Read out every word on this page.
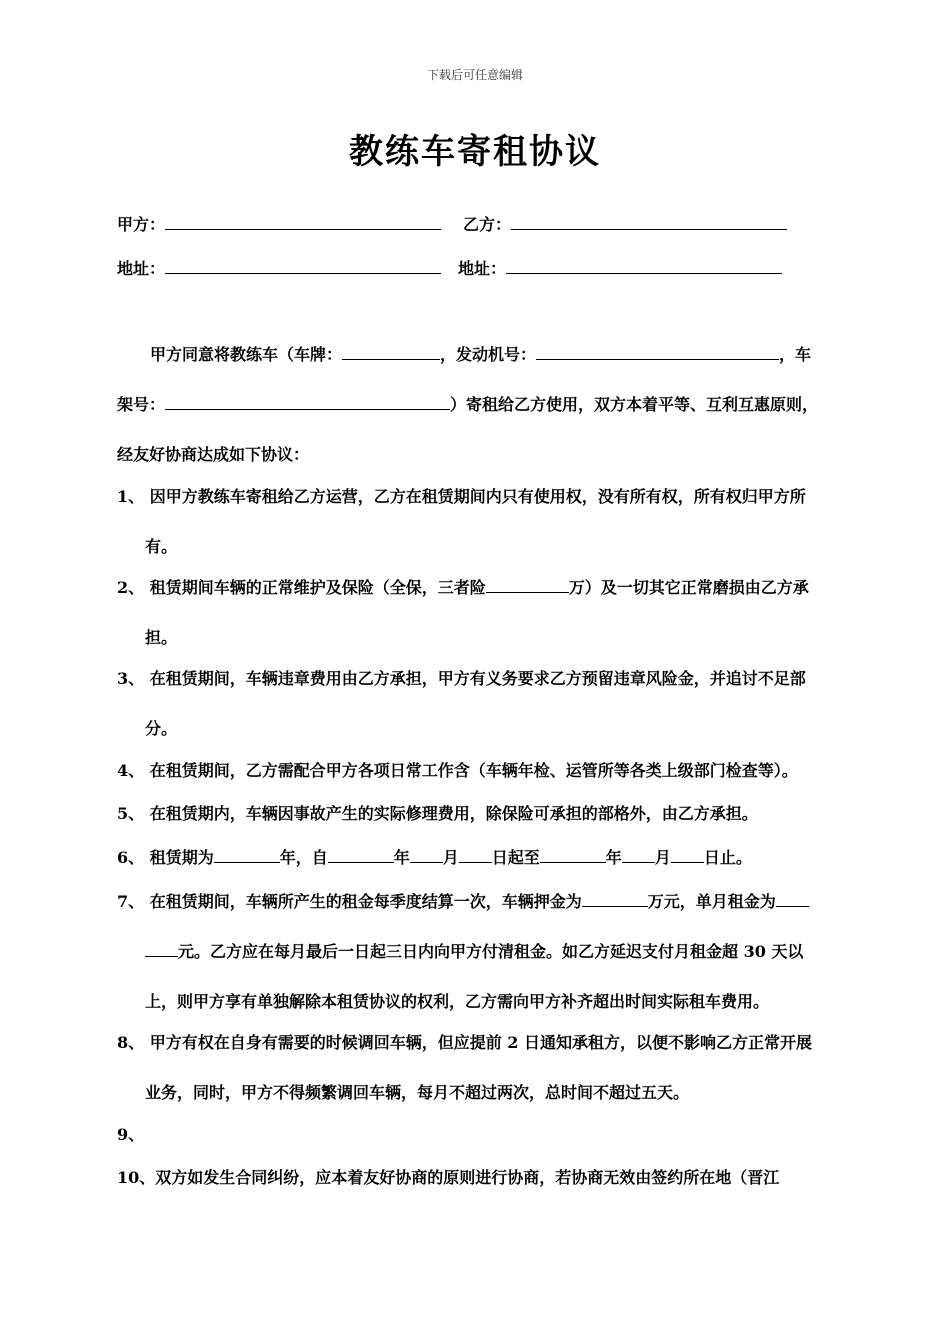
下载后可任意编辑
教练车寄租协议
甲方：	乙方：
地址：	地址：
甲方同意将教练车（车牌：	，发动机号：	，车
架号：	）寄租给乙方使用，双方本着平等、互利互惠原则，
经友好协商达成如下协议：
1、 因甲方教练车寄租给乙方运营，乙方在租赁期间内只有使用权，没有所有权，所有权归甲方所
有。
2、 租赁期间车辆的正常维护及保险（全保，三者险	万）及一切其它正常磨损由乙方承
担。
3、 在租赁期间，车辆违章费用由乙方承担，甲方有义务要求乙方预留违章风险金，并追讨不足部
分。
4、 在租赁期间，乙方需配合甲方各项日常工作含（车辆年检、运管所等各类上级部门检查等）。
5、 在租赁期内，车辆因事故产生的实际修理费用，除保险可承担的部格外，由乙方承担。
6、 租赁期为	年，自	年 月 日起至	年 月 日止。
7、 在租赁期间，车辆所产生的租金每季度结算一次，车辆押金为	万元，单月租金为
元。乙方应在每月最后一日起三日内向甲方付清租金。如乙方延迟支付月租金超 30 天以
上，则甲方享有单独解除本租赁协议的权利，乙方需向甲方补齐超出时间实际租车费用。
8、 甲方有权在自身有需要的时候调回车辆，但应提前 2 日通知承租方，以便不影响乙方正常开展
业务，同时，甲方不得频繁调回车辆，每月不超过两次，总时间不超过五天。
9、
10、双方如发生合同纠纷，应本着友好协商的原则进行协商，若协商无效由签约所在地（晋江
